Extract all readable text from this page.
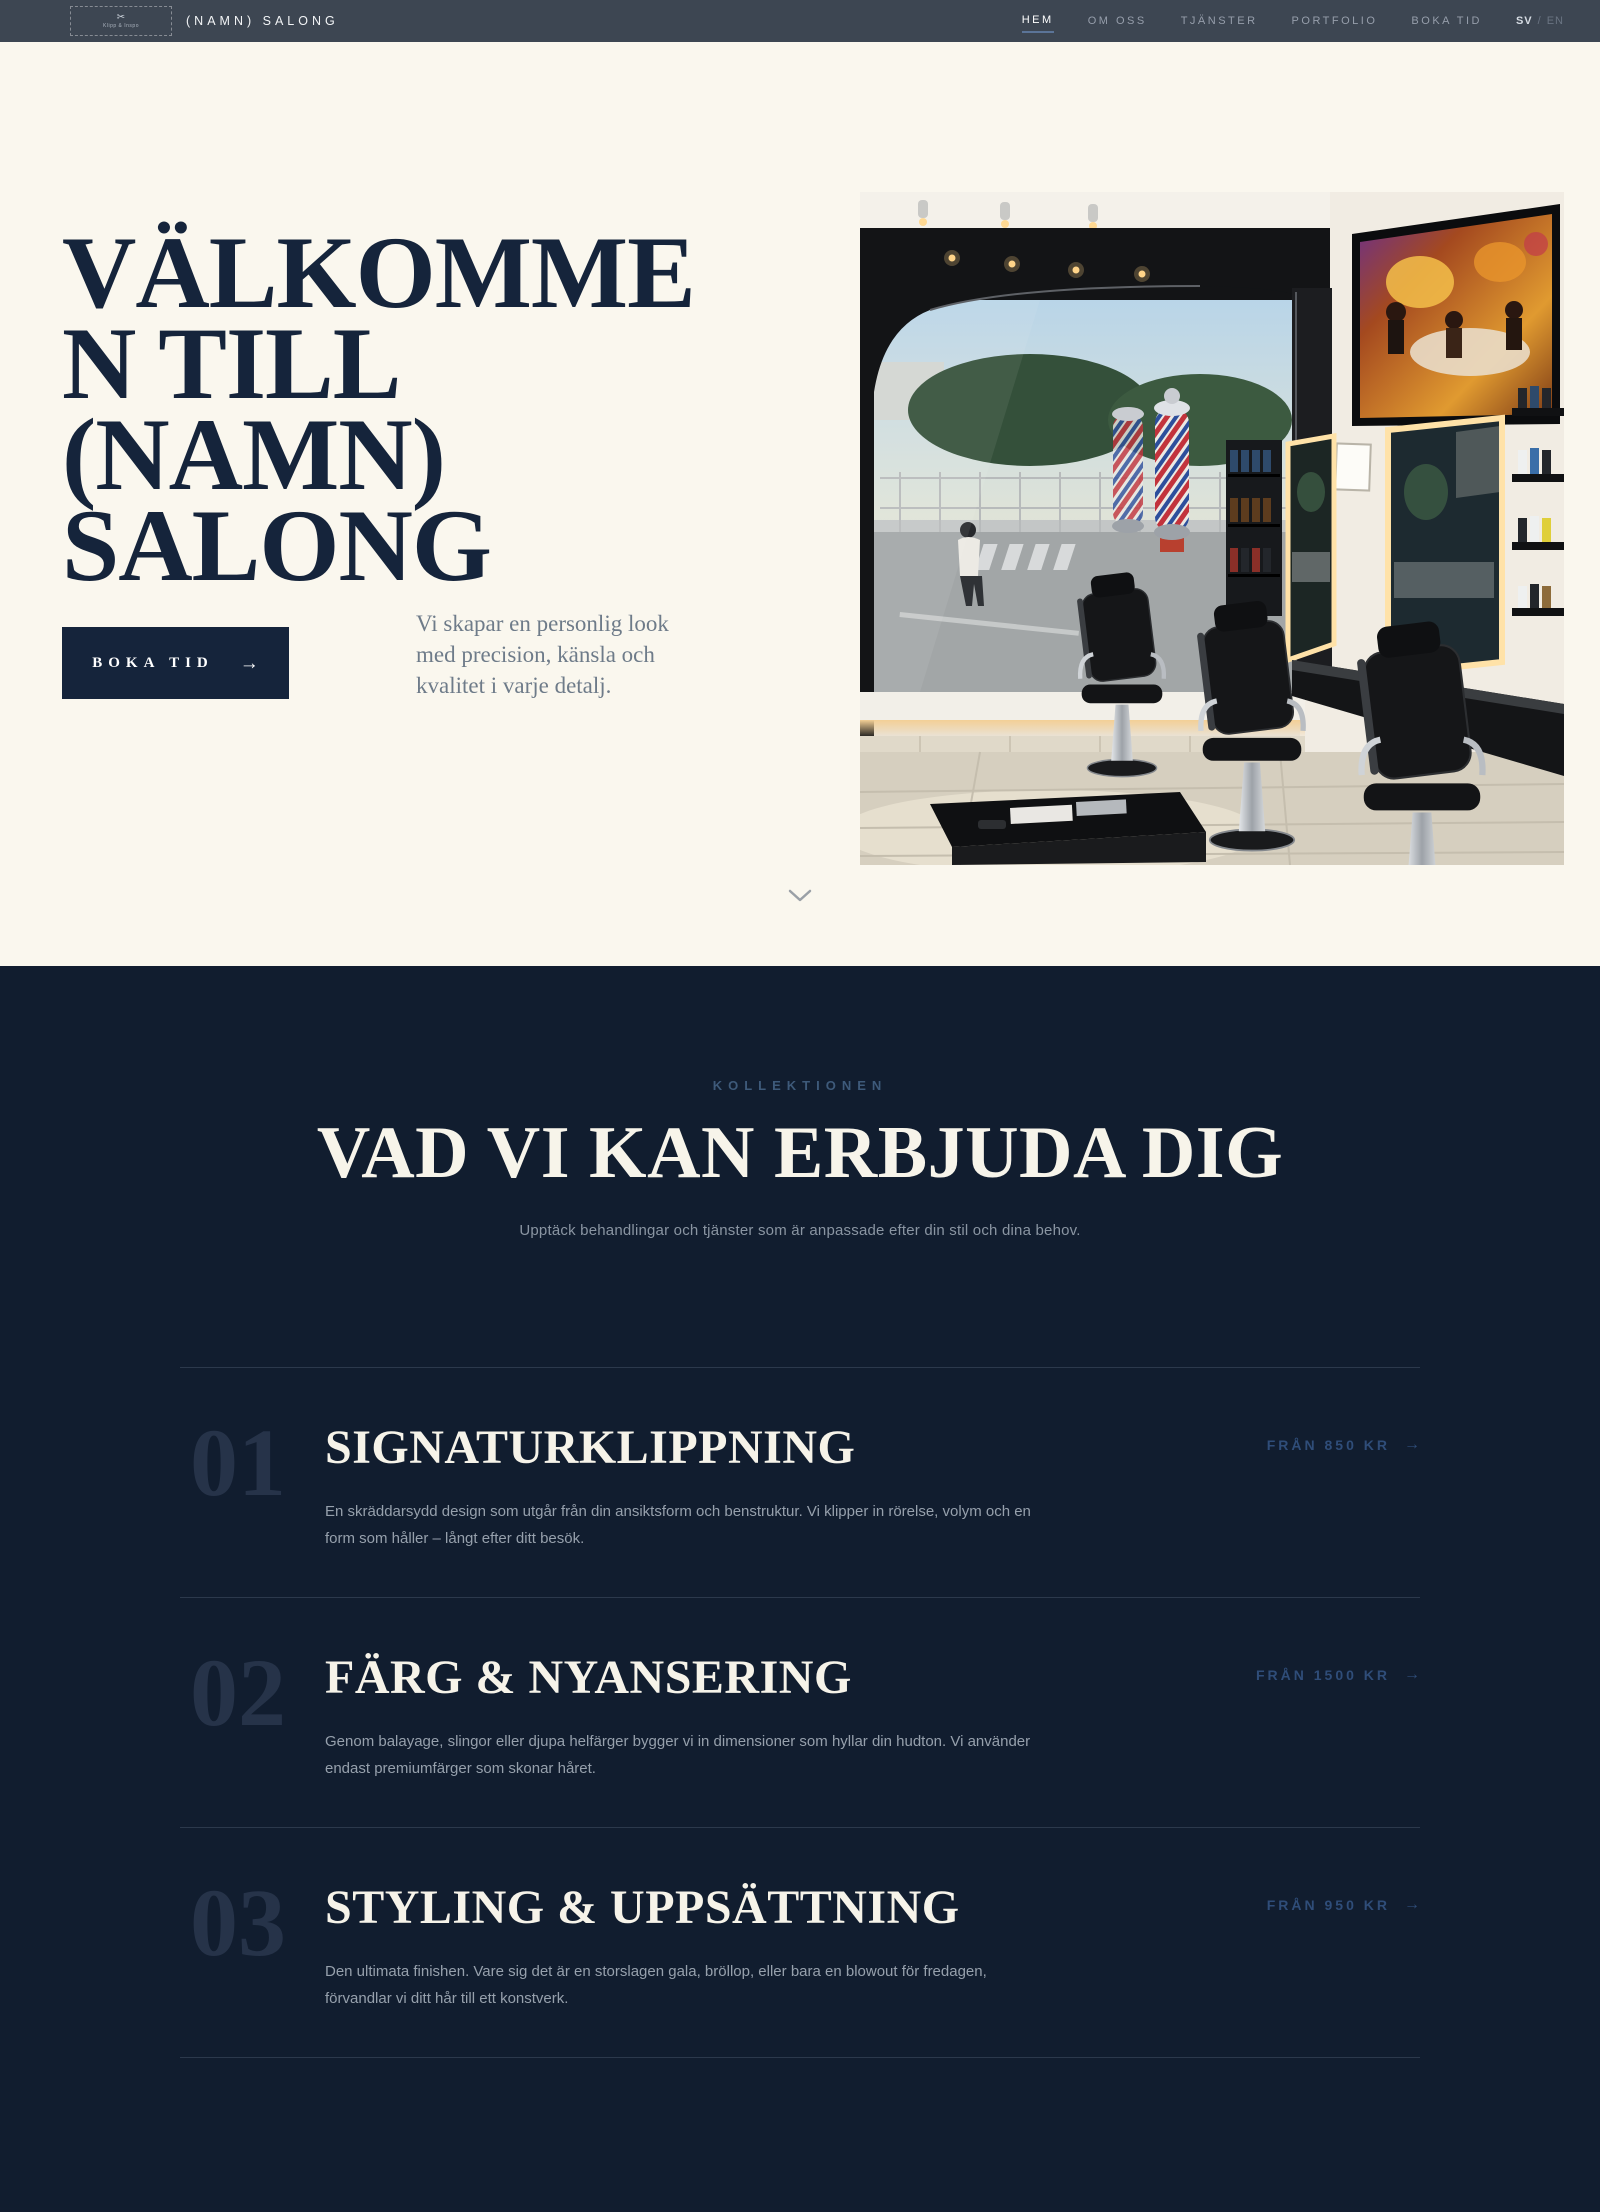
✂
Klipp & Inspo	(NAMN) SALONG	HEM	OM OSS	TJÄNSTER	PORTFOLIO	BOKA TID	SV / EN
VÄLKOMME
N TILL
(NAMN)
SALONG
BOKA TID →

Vi skapar en personlig look med precision, känsla och kvalitet i varje detalj.

KOLLEKTIONEN
VAD VI KAN ERBJUDA DIG

Upptäck behandlingar och tjänster som är anpassade efter din stil och dina behov.

01 SIGNATURKLIPPNING

En skräddarsydd design som utgår från din ansiktsform och benstruktur. Vi klipper in rörelse, volym och en form som håller – långt efter ditt besök.

FRÅN 850 KR →
02 FÄRG & NYANSERING

Genom balayage, slingor eller djupa helfärger bygger vi in dimensioner som hyllar din hudton. Vi använder endast premiumfärger som skonar håret.

FRÅN 1500 KR →
03 STYLING & UPPSÄTTNING

Den ultimata finishen. Vare sig det är en storslagen gala, bröllop, eller bara en blowout för fredagen, förvandlar vi ditt hår till ett konstverk.

FRÅN 950 KR →
